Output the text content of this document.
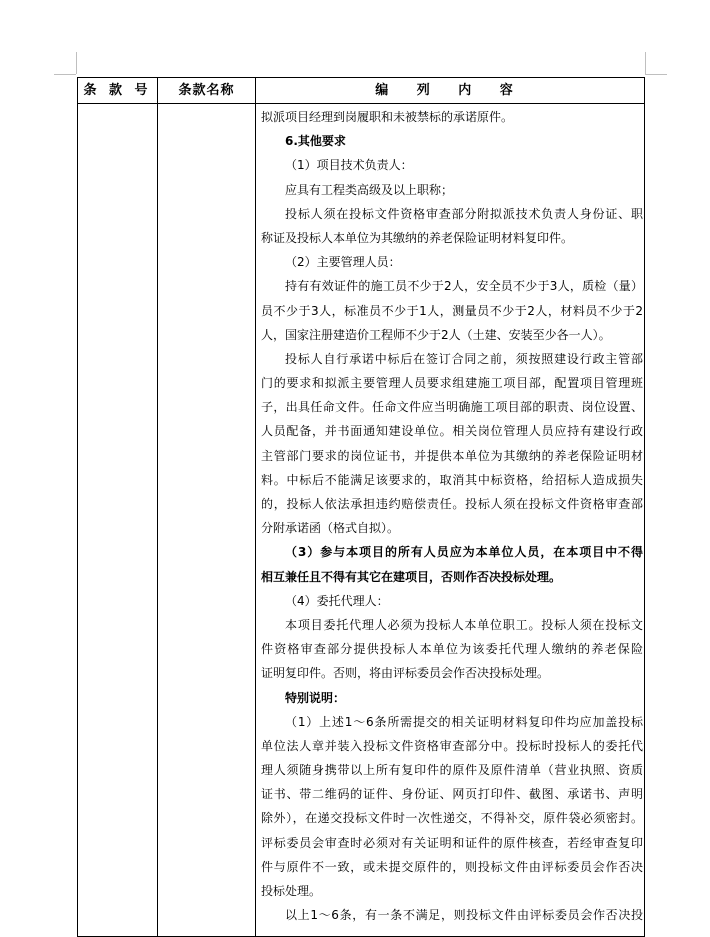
条 款 号	条款名称	编 列 内 容
拟派项目经理到岗履职和未被禁标的承诺原件。
6.其他要求
（1）项目技术负责人：
应具有工程类高级及以上职称；
投标人须在投标文件资格审查部分附拟派技术负责人身份证、职
称证及投标人本单位为其缴纳的养老保险证明材料复印件。
（2）主要管理人员：
持有有效证件的施工员不少于2人，安全员不少于3人，质检（量）
员不少于3人，标准员不少于1人，测量员不少于2人，材料员不少于2
人，国家注册建造价工程师不少于2人（土建、安装至少各一人）。
投标人自行承诺中标后在签订合同之前，须按照建设行政主管部
门的要求和拟派主要管理人员要求组建施工项目部，配置项目管理班
子，出具任命文件。任命文件应当明确施工项目部的职责、岗位设置、
人员配备，并书面通知建设单位。相关岗位管理人员应持有建设行政
主管部门要求的岗位证书，并提供本单位为其缴纳的养老保险证明材
料。中标后不能满足该要求的，取消其中标资格，给招标人造成损失
的，投标人依法承担违约赔偿责任。投标人须在投标文件资格审查部
分附承诺函（格式自拟）。
（3）参与本项目的所有人员应为本单位人员，在本项目中不得
相互兼任且不得有其它在建项目，否则作否决投标处理。
（4）委托代理人：
本项目委托代理人必须为投标人本单位职工。投标人须在投标文
件资格审查部分提供投标人本单位为该委托代理人缴纳的养老保险
证明复印件。否则，将由评标委员会作否决投标处理。
特别说明：
（1）上述1～6条所需提交的相关证明材料复印件均应加盖投标
单位法人章并装入投标文件资格审查部分中。投标时投标人的委托代
理人须随身携带以上所有复印件的原件及原件清单（营业执照、资质
证书、带二维码的证件、身份证、网页打印件、截图、承诺书、声明
除外），在递交投标文件时一次性递交，不得补交，原件袋必须密封。
评标委员会审查时必须对有关证明和证件的原件核查，若经审查复印
件与原件不一致，或未提交原件的，则投标文件由评标委员会作否决
投标处理。
以上1～6条，有一条不满足，则投标文件由评标委员会作否决投
